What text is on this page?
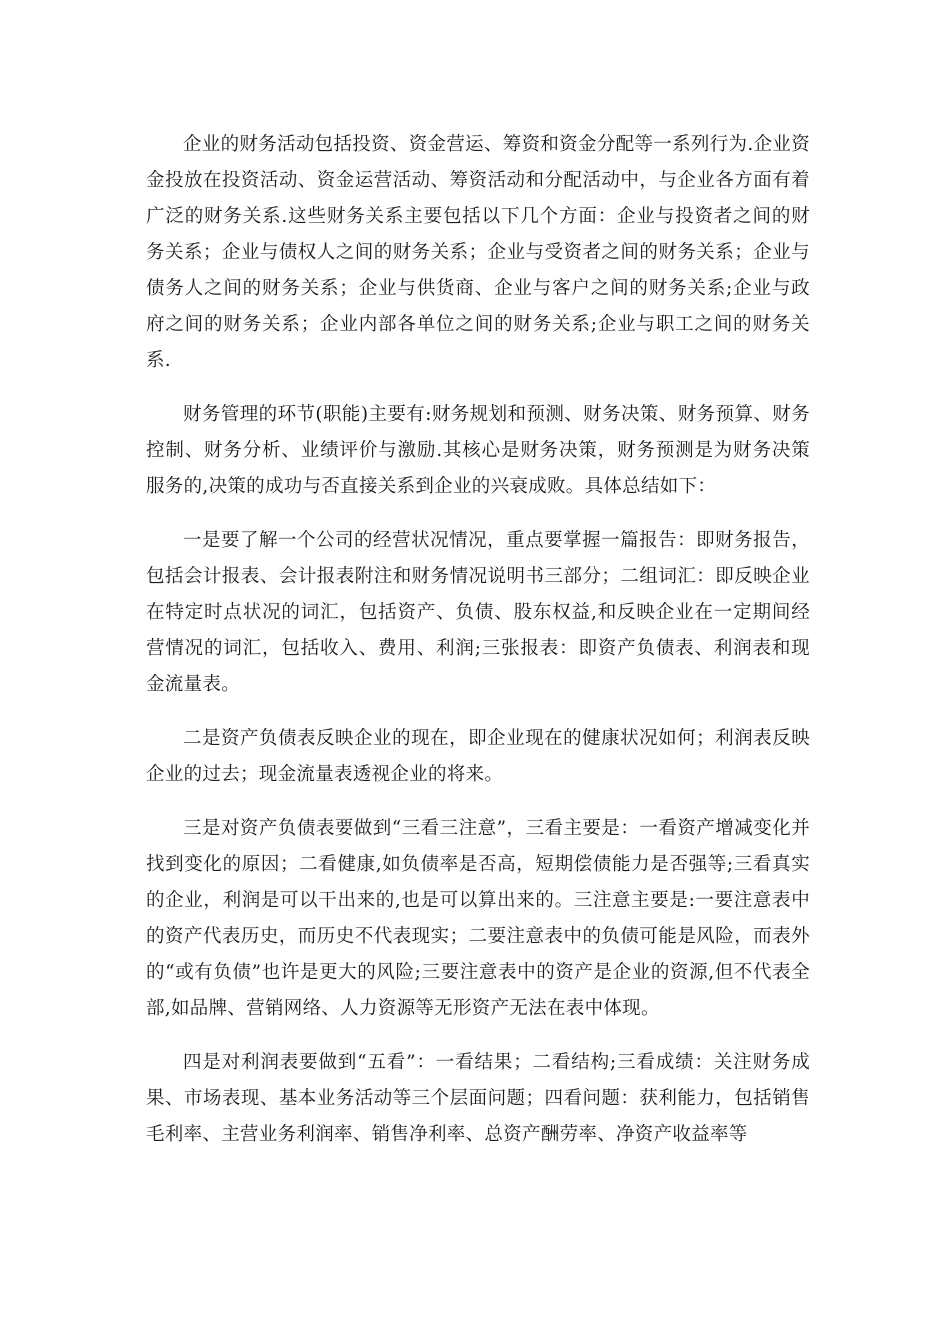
企业的财务活动包括投资、资金营运、筹资和资金分配等一系列行为.企业资金投放在投资活动、资金运营活动、筹资活动和分配活动中，与企业各方面有着广泛的财务关系.这些财务关系主要包括以下几个方面：企业与投资者之间的财务关系；企业与债权人之间的财务关系；企业与受资者之间的财务关系；企业与债务人之间的财务关系；企业与供货商、企业与客户之间的财务关系;企业与政府之间的财务关系；企业内部各单位之间的财务关系;企业与职工之间的财务关系.

财务管理的环节(职能)主要有:财务规划和预测、财务决策、财务预算、财务控制、财务分析、业绩评价与激励.其核心是财务决策，财务预测是为财务决策服务的,决策的成功与否直接关系到企业的兴衰成败。具体总结如下：

一是要了解一个公司的经营状况情况，重点要掌握一篇报告：即财务报告，包括会计报表、会计报表附注和财务情况说明书三部分；二组词汇：即反映企业在特定时点状况的词汇，包括资产、负债、股东权益,和反映企业在一定期间经营情况的词汇，包括收入、费用、利润;三张报表：即资产负债表、利润表和现金流量表。

二是资产负债表反映企业的现在，即企业现在的健康状况如何；利润表反映企业的过去；现金流量表透视企业的将来。

三是对资产负债表要做到“三看三注意”，三看主要是：一看资产增减变化并找到变化的原因；二看健康,如负债率是否高，短期偿债能力是否强等;三看真实的企业，利润是可以干出来的,也是可以算出来的。三注意主要是:一要注意表中的资产代表历史，而历史不代表现实；二要注意表中的负债可能是风险，而表外的“或有负债”也许是更大的风险;三要注意表中的资产是企业的资源,但不代表全部,如品牌、营销网络、人力资源等无形资产无法在表中体现。

四是对利润表要做到“五看”：一看结果；二看结构;三看成绩：关注财务成果、市场表现、基本业务活动等三个层面问题；四看问题：获利能力，包括销售毛利率、主营业务利润率、销售净利率、总资产酬劳率、净资产收益率等
